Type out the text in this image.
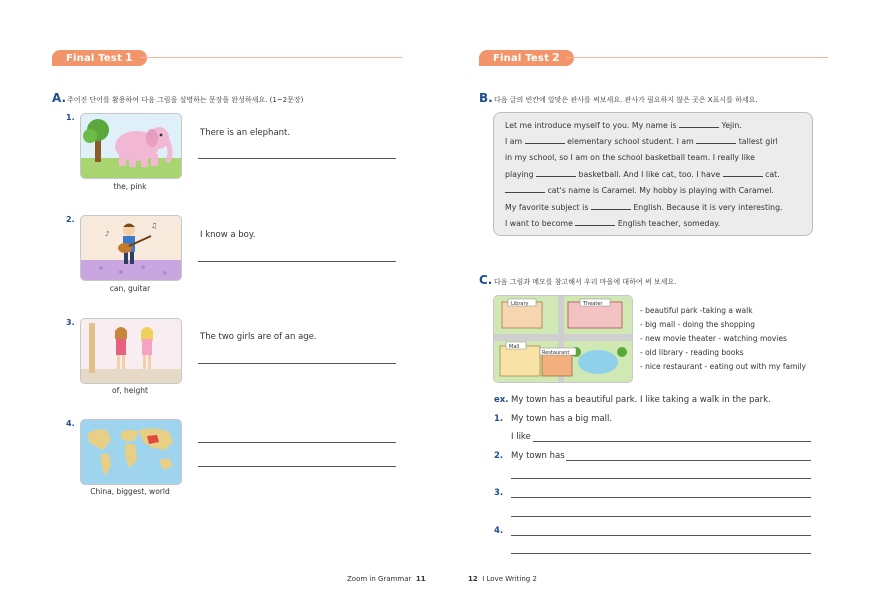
Final Test 1
A. 주어진 단어를 활용하여 다음 그림을 설명하는 문장을 완성하세요. (1~2문장)
1.
the, pink
There is an elephant.
2.
♪
♫
can, guitar
I know a boy.
3.
of, height
The two girls are of an age.
4.
China, biggest, world
Zoom in Grammar 11
Final Test 2
B. 다음 글의 빈칸에 알맞은 관사를 써보세요. 관사가 필요하지 않은 곳은 X표시를 하세요.
Let me introduce myself to you. My name is	Yejin.
I am	elementary school student. I am	tallest girl
in my school, so I am on the school basketball team. I really like
playing	basketball. And I like cat, too. I have	cat.
cat's name is Caramel. My hobby is playing with Caramel.
My favorite subject is	English. Because it is very interesting.
I want to become	English teacher, someday.
C. 다음 그림과 메모를 참고해서 우리 마을에 대하여 써 보세요.
Library	Theater
Mall
Restaurant
- beautiful park -taking a walk
- big mall - doing the shopping
- new movie theater - watching movies
- old library - reading books
- nice restaurant - eating out with my family
ex. My town has a beautiful park. I like taking a walk in the park.
1. My town has a big mall.
I like
2. My town has
3.
4.
12 I Love Writing 2
